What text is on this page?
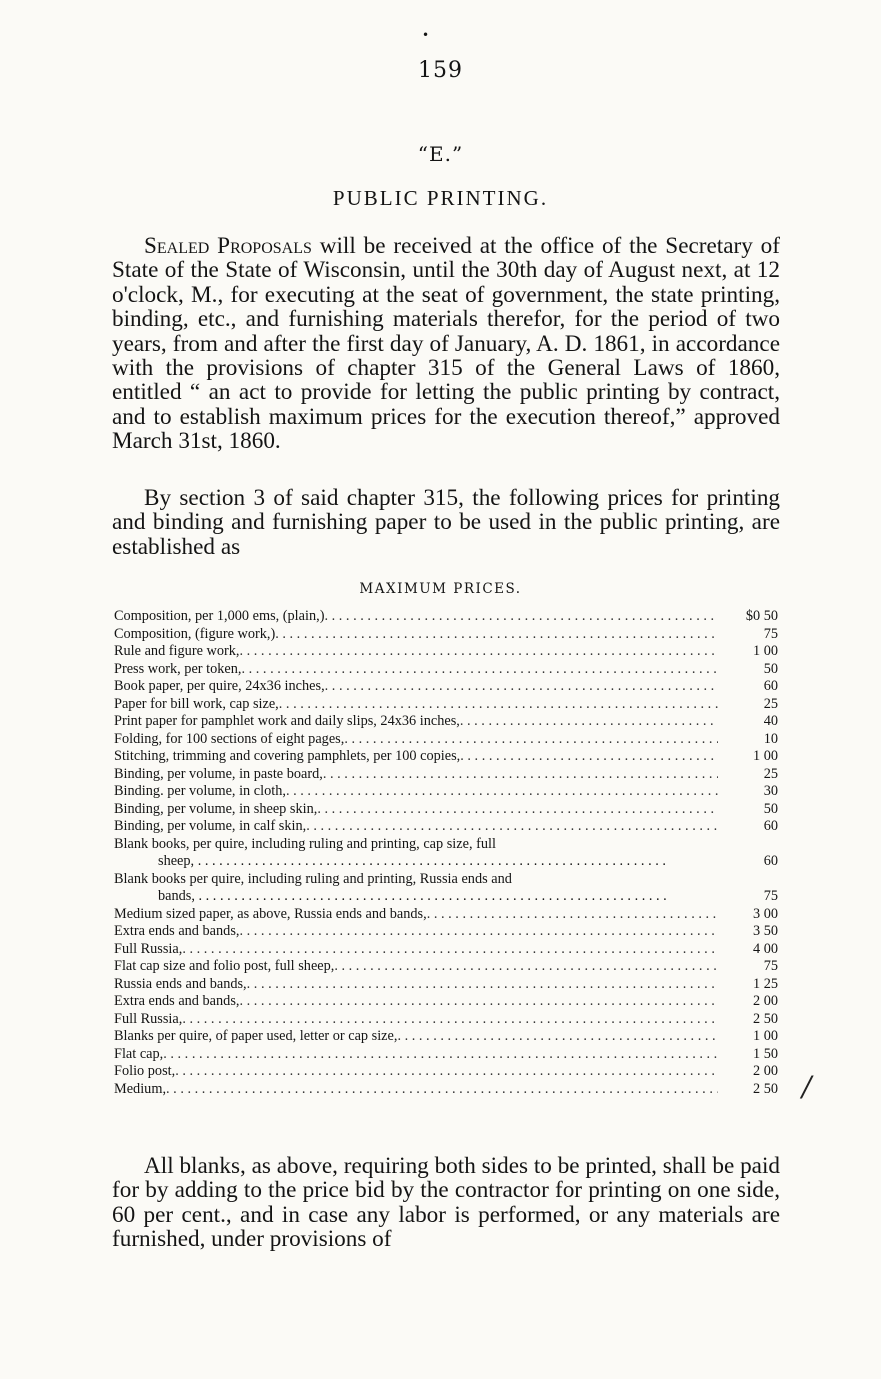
•
159
“E.”
PUBLIC PRINTING.

Sealed Proposals will be received at the office of the Secretary of State of the State of Wisconsin, until the 30th day of August next, at 12 o'clock, M., for executing at the seat of government, the state printing, binding, etc., and furnishing materials therefor, for the period of two years, from and after the first day of January, A. D. 1861, in accordance with the provisions of chapter 315 of the General Laws of 1860, entitled “ an act to provide for letting the public printing by contract, and to establish maximum prices for the execution thereof,” approved March 31st, 1860.

By section 3 of said chapter 315, the following prices for printing and binding and furnishing paper to be used in the public printing, are established as

MAXIMUM PRICES.
Composition, per 1,000 ems, (plain,) . . .	$0 50
Composition, (figure work,) . . .	75
Rule and figure work, . . .	1 00
Press work, per token, . . .	50
Book paper, per quire, 24x36 inches, . . .	60
Paper for bill work, cap size, . . .	25
Print paper for pamphlet work and daily slips, 24x36 inches, . . .	40
Folding, for 100 sections of eight pages, . . .	10
Stitching, trimming and covering pamphlets, per 100 copies, . . .	1 00
Binding, per volume, in paste board, . . .	25
Binding. per volume, in cloth, . . .	30
Binding, per volume, in sheep skin, . . .	50
Binding, per volume, in calf skin, . . .	60
Blank books, per quire, including ruling and printing, cap size, full
sheep, . . .	60
Blank books per quire, including ruling and printing, Russia ends and
bands, . . .	75
Medium sized paper, as above, Russia ends and bands, . . .	3 00
Extra ends and bands, . . .	3 50
Full Russia, . . .	4 00
Flat cap size and folio post, full sheep, . . .	75
Russia ends and bands, . . .	1 25
Extra ends and bands, . . .	2 00
Full Russia, . . .	2 50
Blanks per quire, of paper used, letter or cap size, . . .	1 00
Flat cap, . . .	1 50
Folio post, . . .	2 00
Medium, . . .	2 50

All blanks, as above, requiring both sides to be printed, shall be paid for by adding to the price bid by the contractor for printing on one side, 60 per cent., and in case any labor is performed, or any materials are furnished, under provisions of

/
